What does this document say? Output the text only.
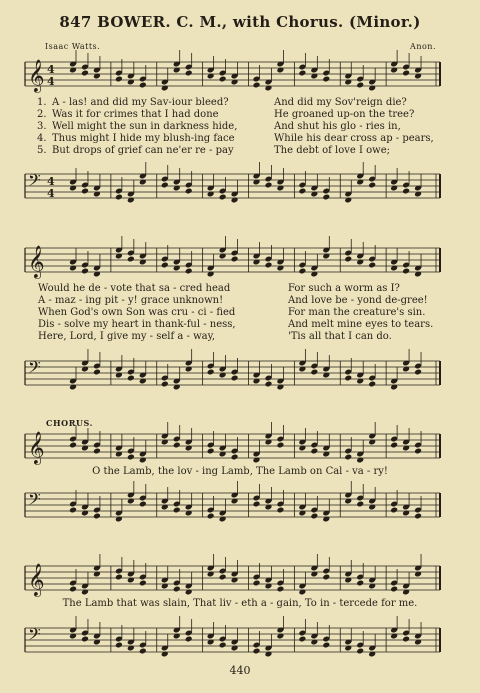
847 BOWER. C. M., with Chorus. (Minor.)
Isaac Watts.	Anon.
𝄞 4
4
1. A - las! and did my Sav-iour bleed?	And did my Sov'reign die?
2. Was it for crimes that I had done	He groaned up-on the tree?
3. Well might the sun in darkness hide,	And shut his glo - ries in,
4. Thus might I hide my blush-ing face	While his dear cross ap - pears,
5. But drops of grief can ne'er re - pay	The debt of love I owe;
𝄢 4
4
𝄞
Would he de - vote that sa - cred head	For such a worm as I?
A - maz - ing pit - y! grace unknown!	And love be - yond de-gree!
When God's own Son was cru - ci - fied	For man the creature's sin.
Dis - solve my heart in thank-ful - ness,	And melt mine eyes to tears.
Here, Lord, I give my - self a - way,	'Tis all that I can do.
𝄢
CHORUS.
𝄞
O the Lamb, the lov - ing Lamb, The Lamb on Cal - va - ry!
𝄢
𝄞
The Lamb that was slain, That liv - eth a - gain, To in - tercede for me.
𝄢
440
